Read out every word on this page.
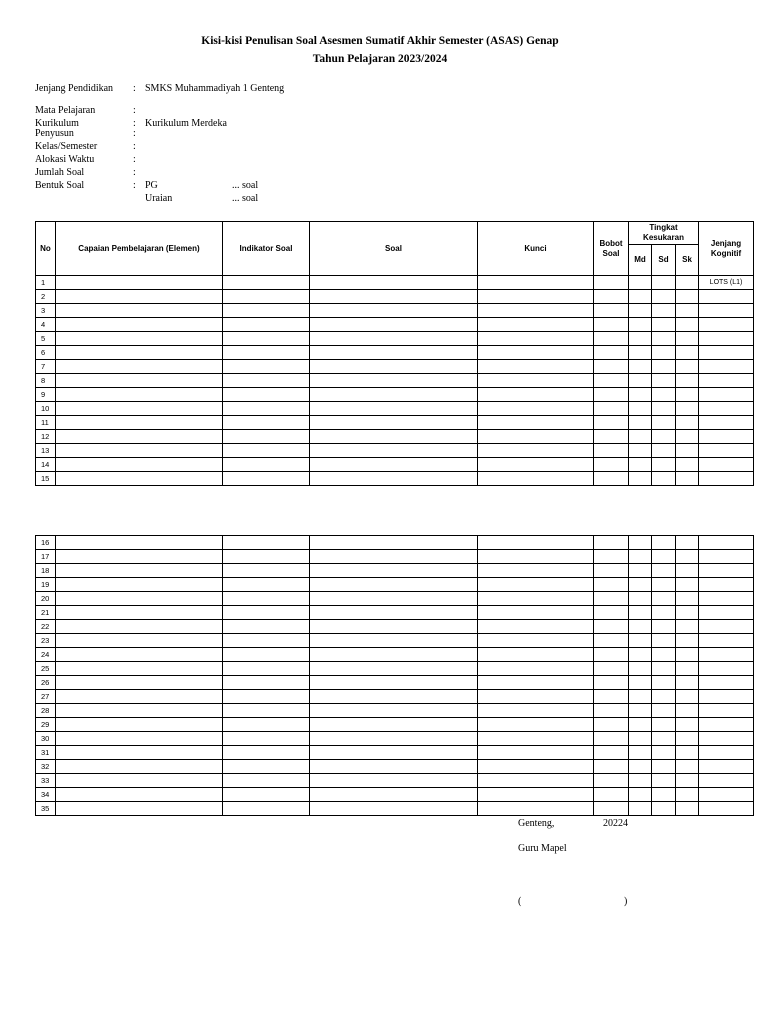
Kisi-kisi Penulisan Soal Asesmen Sumatif Akhir Semester (ASAS) Genap
Tahun Pelajaran 2023/2024
Jenjang Pendidikan : SMKS Muhammadiyah 1 Genteng
Mata Pelajaran	:
Kurikulum	: Kurikulum Merdeka
Penyusun	:
Kelas/Semester	:
Alokasi Waktu	:
Jumlah Soal	:
Bentuk Soal	: PG	... soal
Uraian	... soal
No	Capaian Pembelajaran (Elemen)	Indikator Soal	Soal	Kunci	Bobot Soal	Tingkat Kesukaran			Jenjang Kognitif
						Md	Sd	Sk	
1									LOTS (L1)
2									
3									
4									
5									
6									
7									
8									
9									
10									
11									
12									
13									
14									
15									
16									
17									
18									
19									
20									
21									
22									
23									
24									
25									
26									
27									
28									
29									
30									
31									
32									
33									
34									
35									
Genteng,	20224
Guru Mapel
(	)
